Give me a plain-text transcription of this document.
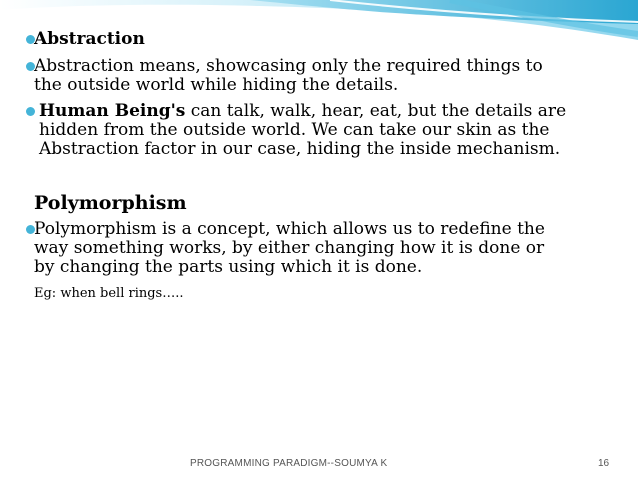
Abstraction
Abstraction means, showcasing only the required things to
the outside world while hiding the details.
Human Being's can talk, walk, hear, eat, but the details are
hidden from the outside world. We can take our skin as the
Abstraction factor in our case, hiding the inside mechanism.
Polymorphism
Polymorphism is a concept, which allows us to redefine the
way something works, by either changing how it is done or
by changing the parts using which it is done.
Eg: when bell rings…..
PROGRAMMING PARADIGM--SOUMYA K	16
